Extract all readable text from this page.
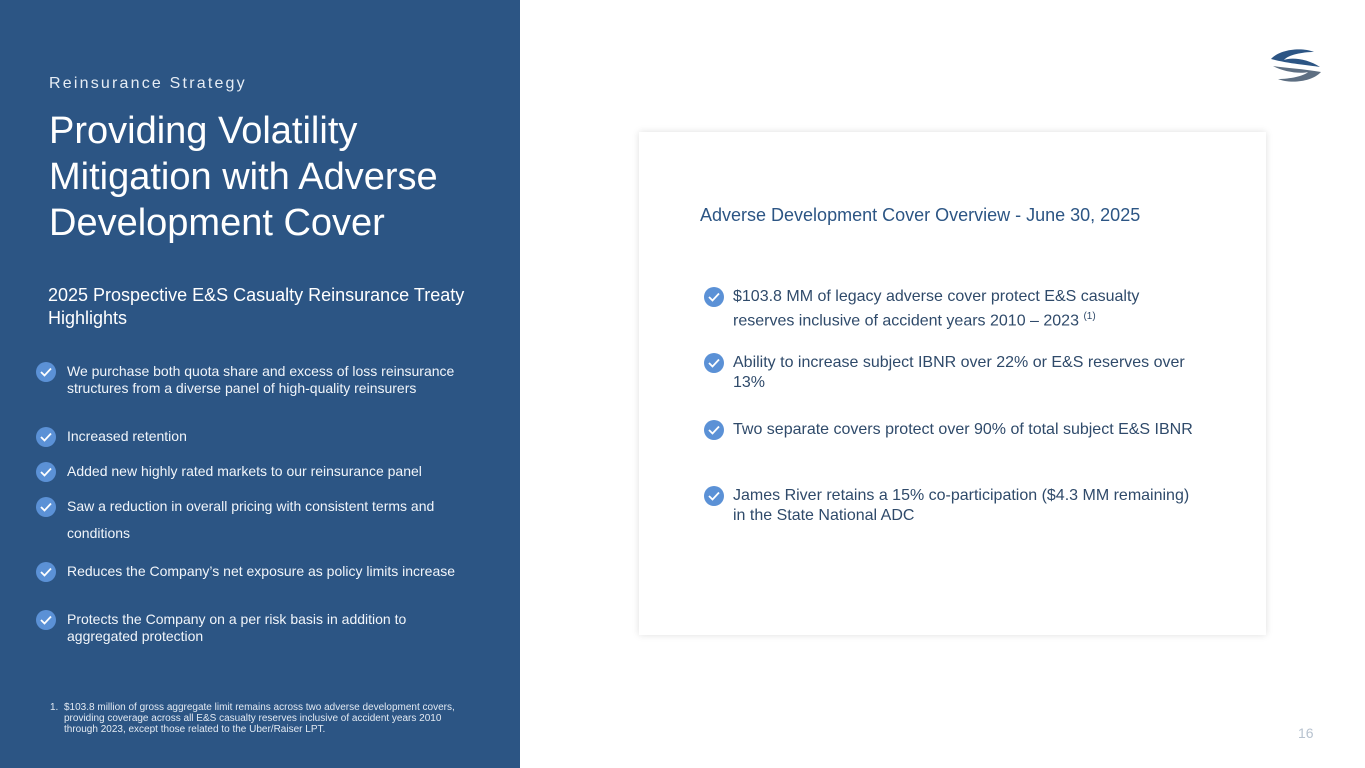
Reinsurance Strategy
Providing Volatility Mitigation with Adverse Development Cover
2025 Prospective E&S Casualty Reinsurance Treaty Highlights
We purchase both quota share and excess of loss reinsurance structures from a diverse panel of high-quality reinsurers
Increased retention
Added new highly rated markets to our reinsurance panel
Saw a reduction in overall pricing with consistent terms and conditions
Reduces the Company’s net exposure as policy limits increase
Protects the Company on a per risk basis in addition to aggregated protection
1. $103.8 million of gross aggregate limit remains across two adverse development covers, providing coverage across all E&S casualty reserves inclusive of accident years 2010 through 2023, except those related to the Uber/Raiser LPT.
Adverse Development Cover Overview - June 30, 2025
$103.8 MM of legacy adverse cover protect E&S casualty reserves inclusive of accident years 2010 – 2023 $^{(1)}$
Ability to increase subject IBNR over 22% or E&S reserves over 13%
Two separate covers protect over 90% of total subject E&S IBNR
James River retains a 15% co-participation ($4.3 MM remaining) in the State National ADC
16
